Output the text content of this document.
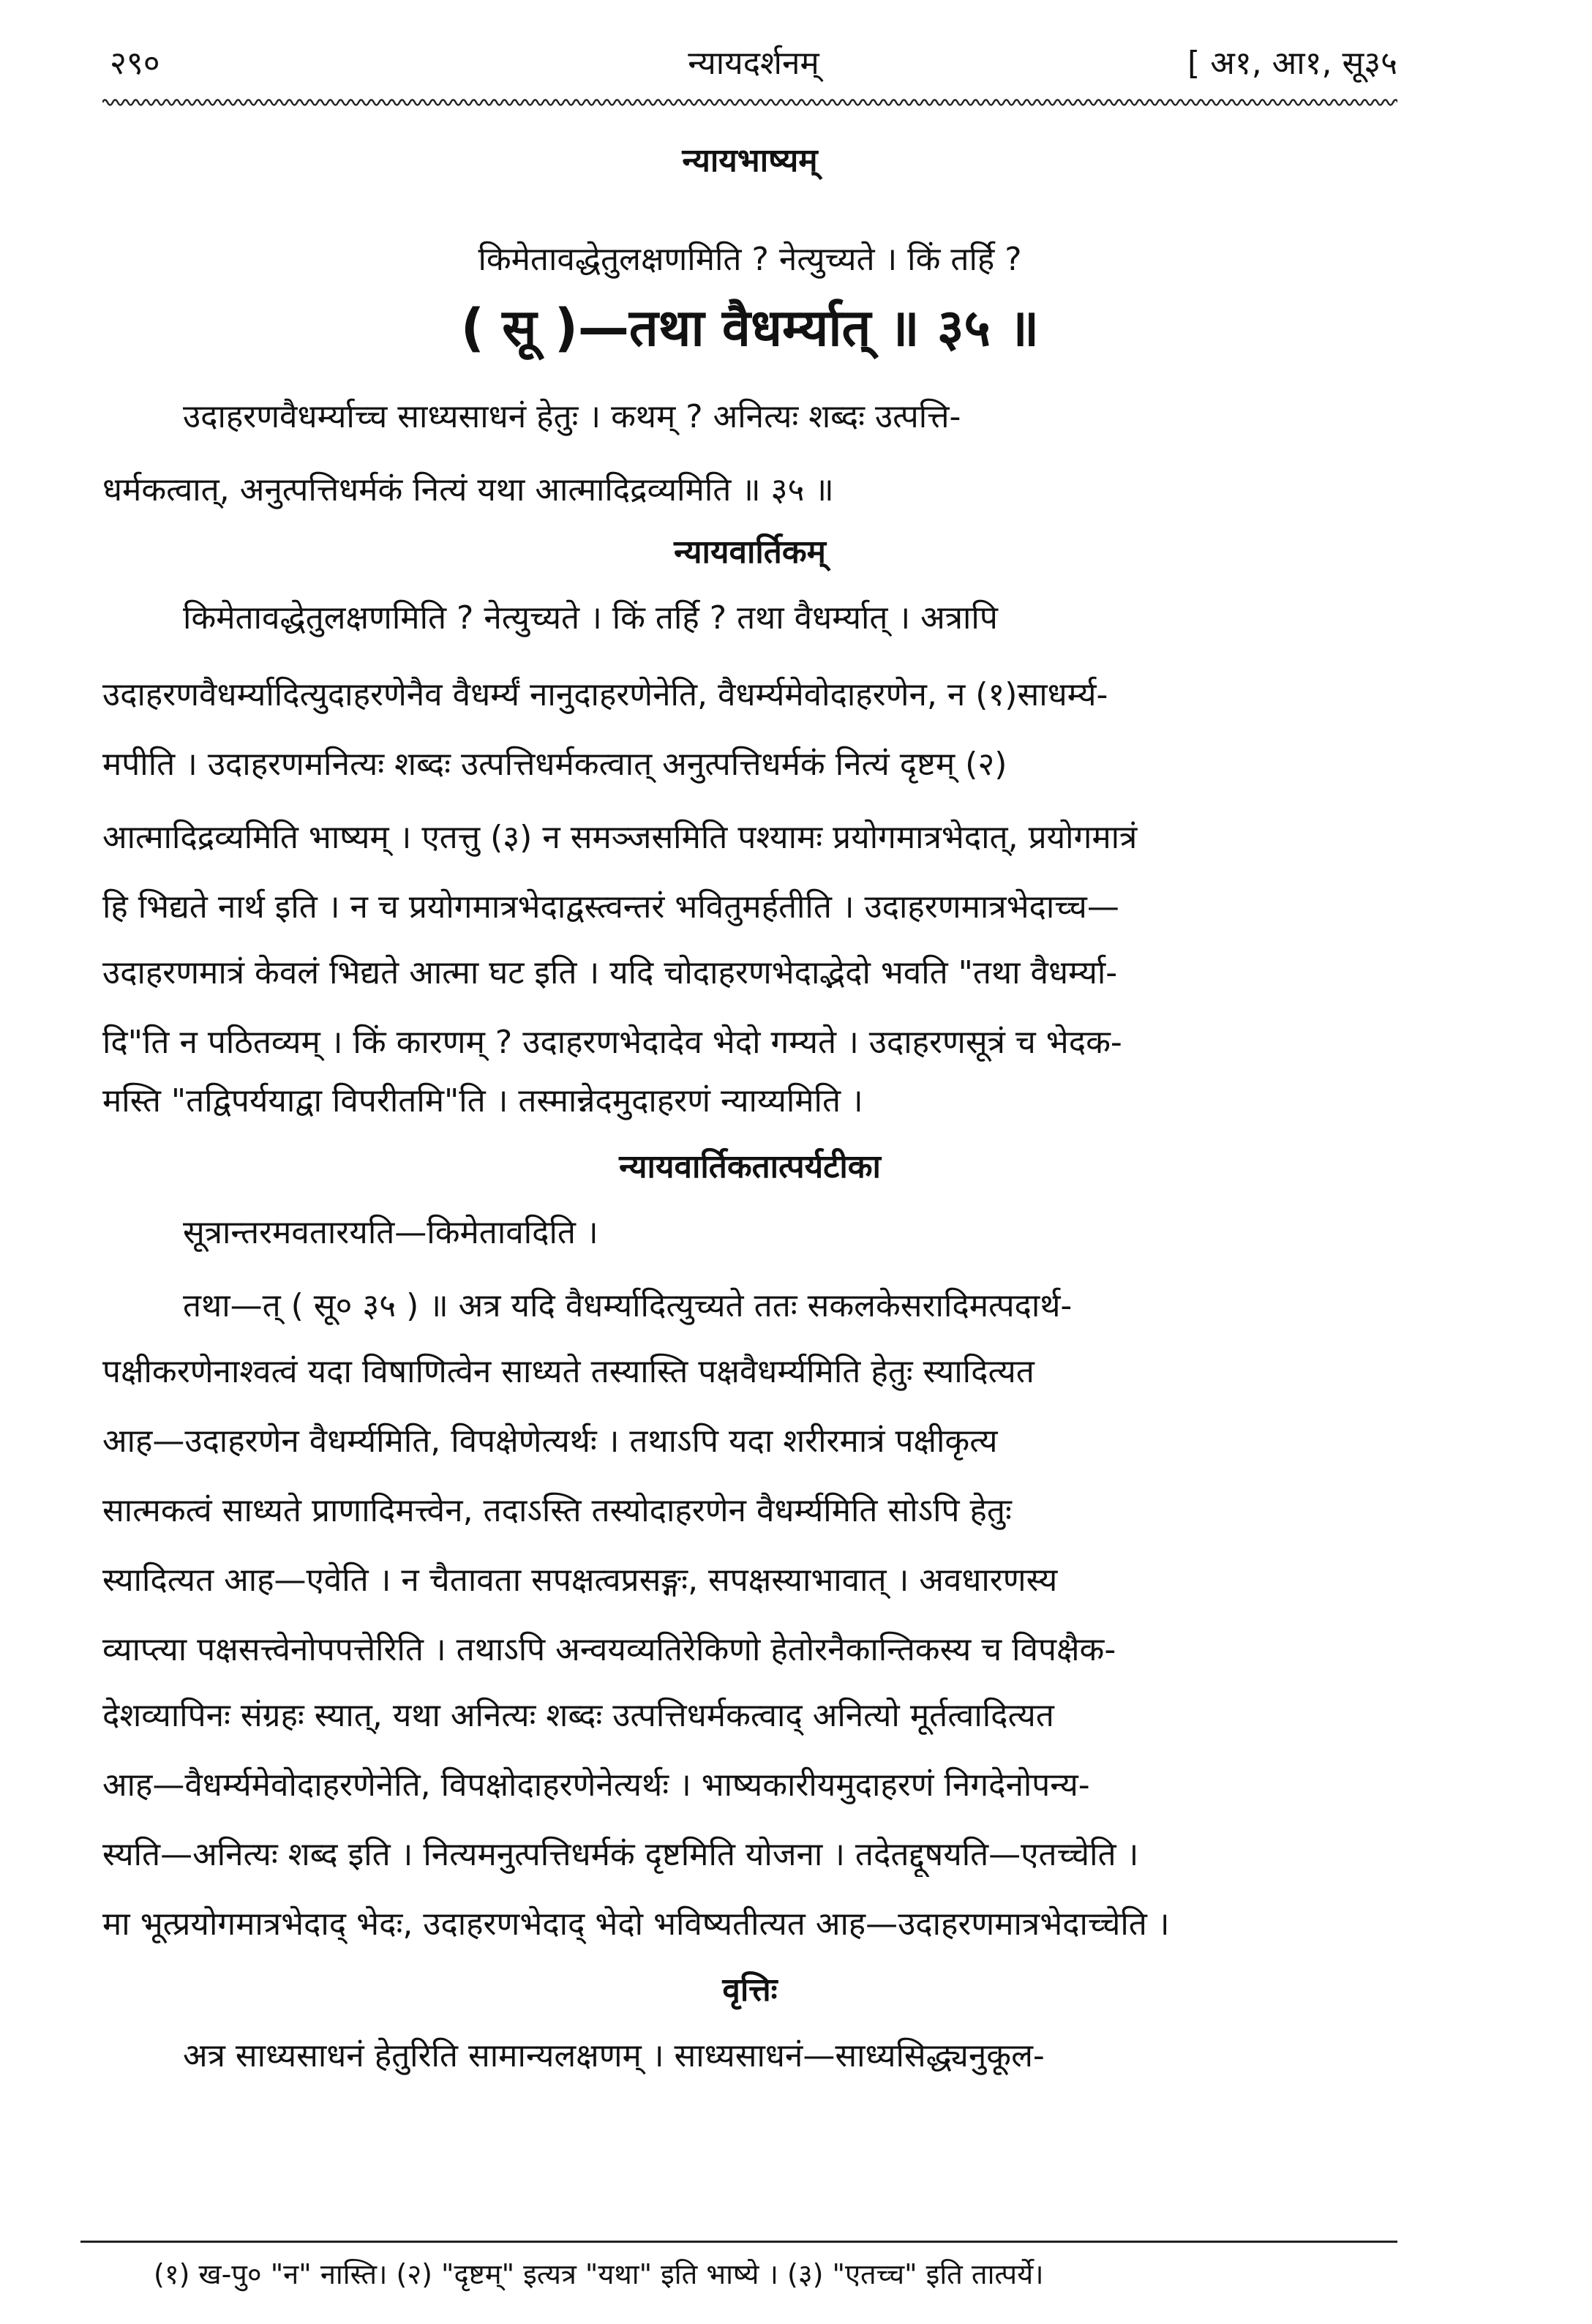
२९०	न्यायदर्शनम्	[ अ१, आ१, सू३५
न्यायभाष्यम्
किमेतावद्धेतुलक्षणमिति ? नेत्युच्यते । किं तर्हि ?
( सू )—तथा वैधर्म्यात् ॥ ३५ ॥
उदाहरणवैधर्म्याच्च साध्यसाधनं हेतुः । कथम् ? अनित्यः शब्दः उत्पत्ति-
धर्मकत्वात्, अनुत्पत्तिधर्मकं नित्यं यथा आत्मादिद्रव्यमिति ॥ ३५ ॥
न्यायवार्तिकम्
किमेतावद्धेतुलक्षणमिति ? नेत्युच्यते । किं तर्हि ? तथा वैधर्म्यात् । अत्रापि
उदाहरणवैधर्म्यादित्युदाहरणेनैव वैधर्म्यं नानुदाहरणेनेति, वैधर्म्यमेवोदाहरणेन, न (१)साधर्म्य-
मपीति । उदाहरणमनित्यः शब्दः उत्पत्तिधर्मकत्वात् अनुत्पत्तिधर्मकं नित्यं दृष्टम् (२)
आत्मादिद्रव्यमिति भाष्यम् । एतत्तु (३) न समञ्जसमिति पश्यामः प्रयोगमात्रभेदात्, प्रयोगमात्रं
हि भिद्यते नार्थ इति । न च प्रयोगमात्रभेदाद्वस्त्वन्तरं भवितुमर्हतीति । उदाहरणमात्रभेदाच्च—
उदाहरणमात्रं केवलं भिद्यते आत्मा घट इति । यदि चोदाहरणभेदाद्भेदो भवति "तथा वैधर्म्या-
दि"ति न पठितव्यम् । किं कारणम् ? उदाहरणभेदादेव भेदो गम्यते । उदाहरणसूत्रं च भेदक-
मस्ति "तद्विपर्ययाद्वा विपरीतमि"ति । तस्मान्नेदमुदाहरणं न्याय्यमिति ।
न्यायवार्तिकतात्पर्यटीका
सूत्रान्तरमवतारयति—किमेतावदिति ।
तथा—त् ( सू० ३५ ) ॥ अत्र यदि वैधर्म्यादित्युच्यते ततः सकलकेसरादिमत्पदार्थ-
पक्षीकरणेनाश्वत्वं यदा विषाणित्वेन साध्यते तस्यास्ति पक्षवैधर्म्यमिति हेतुः स्यादित्यत
आह—उदाहरणेन वैधर्म्यमिति, विपक्षेणेत्यर्थः । तथाऽपि यदा शरीरमात्रं पक्षीकृत्य
सात्मकत्वं साध्यते प्राणादिमत्त्वेन, तदाऽस्ति तस्योदाहरणेन वैधर्म्यमिति सोऽपि हेतुः
स्यादित्यत आह—एवेति । न चैतावता सपक्षत्वप्रसङ्गः, सपक्षस्याभावात् । अवधारणस्य
व्याप्त्या पक्षसत्त्वेनोपपत्तेरिति । तथाऽपि अन्वयव्यतिरेकिणो हेतोरनैकान्तिकस्य च विपक्षैक-
देशव्यापिनः संग्रहः स्यात्, यथा अनित्यः शब्दः उत्पत्तिधर्मकत्वाद् अनित्यो मूर्तत्वादित्यत
आह—वैधर्म्यमेवोदाहरणेनेति, विपक्षोदाहरणेनेत्यर्थः । भाष्यकारीयमुदाहरणं निगदेनोपन्य-
स्यति—अनित्यः शब्द इति । नित्यमनुत्पत्तिधर्मकं दृष्टमिति योजना । तदेतद्दूषयति—एतच्चेति ।
मा भूत्प्रयोगमात्रभेदाद् भेदः, उदाहरणभेदाद् भेदो भविष्यतीत्यत आह—उदाहरणमात्रभेदाच्चेति ।
वृत्तिः
अत्र साध्यसाधनं हेतुरिति सामान्यलक्षणम् । साध्यसाधनं—साध्यसिद्ध्यनुकूल-
(१) ख-पु० "न" नास्ति। (२) "दृष्टम्" इत्यत्र "यथा" इति भाष्ये । (३) "एतच्च" इति तात्पर्ये।
